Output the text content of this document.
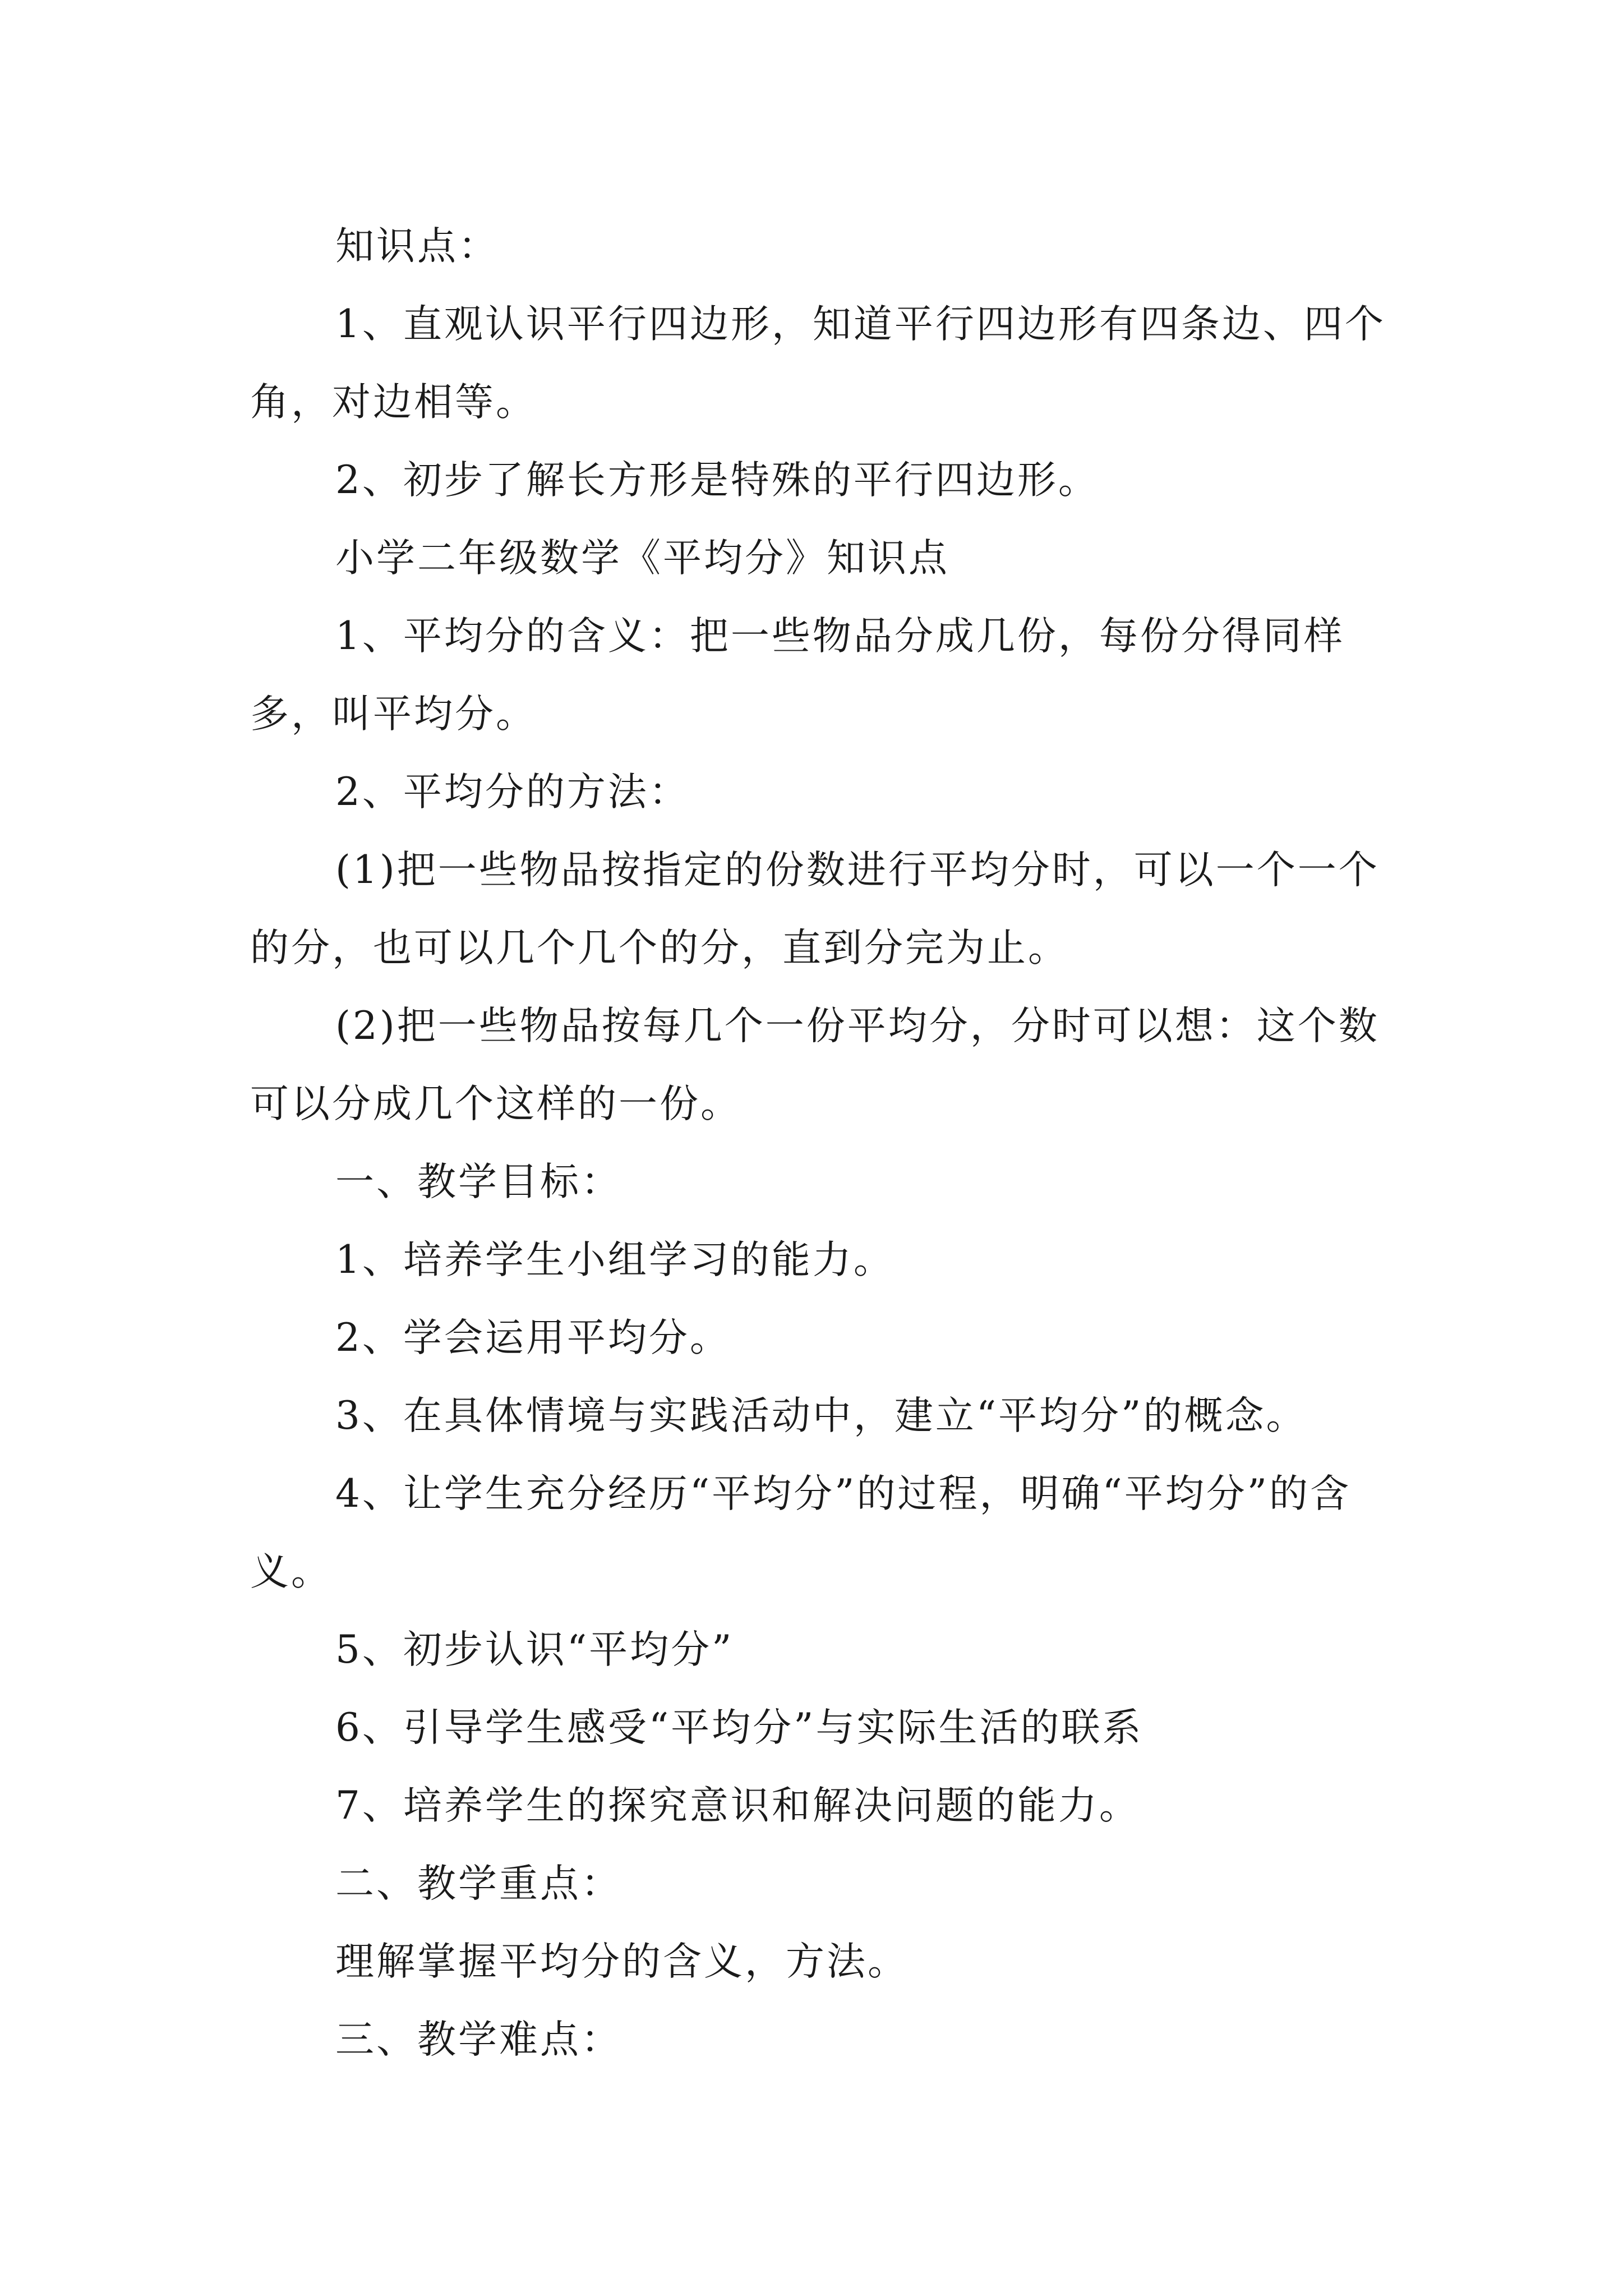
知识点：

1、直观认识平行四边形，知道平行四边形有四条边、四个角，对边相等。

2、初步了解长方形是特殊的平行四边形。

小学二年级数学《平均分》知识点

1、平均分的含义：把一些物品分成几份，每份分得同样多，叫平均分。

2、平均分的方法：

(1)把一些物品按指定的份数进行平均分时，可以一个一个的分，也可以几个几个的分，直到分完为止。

(2)把一些物品按每几个一份平均分，分时可以想：这个数可以分成几个这样的一份。

一、教学目标：

1、培养学生小组学习的能力。

2、学会运用平均分。

3、在具体情境与实践活动中，建立“平均分”的概念。

4、让学生充分经历“平均分”的过程，明确“平均分”的含义。

5、初步认识“平均分”

6、引导学生感受“平均分”与实际生活的联系

7、培养学生的探究意识和解决问题的能力。

二、教学重点：

理解掌握平均分的含义，方法。

三、教学难点：
